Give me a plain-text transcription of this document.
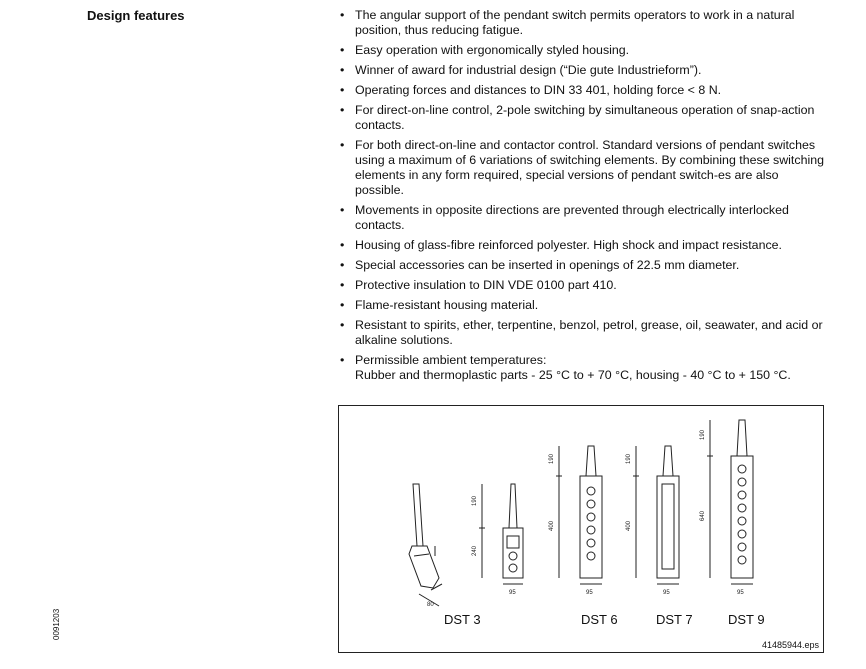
Design features
•	The angular support of the pendant switch permits operators to work in a natural position, thus reducing fatigue.
• Easy operation with ergonomically styled housing.
• Winner of award for industrial design (“Die gute Industrieform”).
• Operating forces and distances to DIN 33 401, holding force < 8 N.
• For direct-on-line control, 2-pole switching by simultaneous operation of snap-action contacts.
• For both direct-on-line and contactor control. Standard versions of pendant switches using a maximum of 6 variations of switching elements. By combining these switching elements in any form required, special versions of pendant switch-es are also possible.
• Movements in opposite directions are prevented through electrically interlocked contacts.
• Housing of glass-fibre reinforced polyester. High shock and impact resistance.
• Special accessories can be inserted in openings of 22.5 mm diameter.
• Protective insulation to DIN VDE 0100 part 410.
• Flame-resistant housing material.
• Resistant to spirits, ether, terpentine, benzol, petrol, grease, oil, seawater, and acid or alkaline solutions.
• Permissible ambient temperatures:
Rubber and thermoplastic parts - 25 °C to + 70 °C, housing - 40 °C to + 150 °C.
80
190
240
95
190
400
95
190
400
95
190
640
95
DST 3	DST 6	DST 7	DST 9
41485944.eps
0091203
